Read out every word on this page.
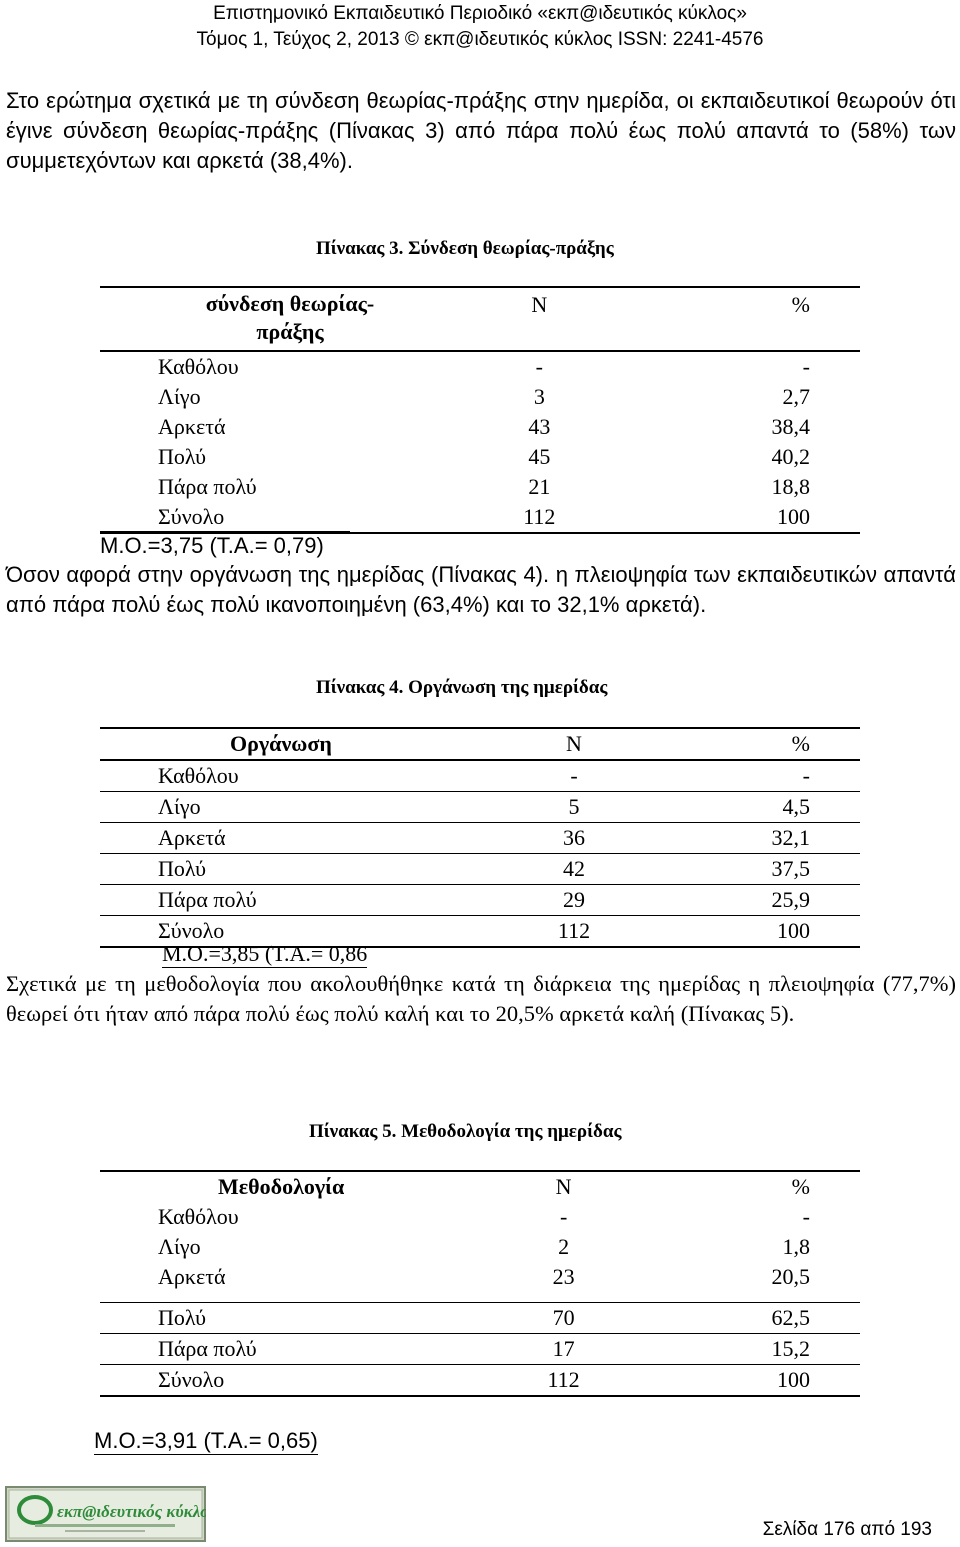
Επιστημονικό Εκπαιδευτικό Περιοδικό «εκπ@ιδευτικός κύκλος»
Τόμος 1, Τεύχος 2, 2013 © εκπ@ιδευτικός κύκλος ISSN: 2241-4576

Στο ερώτημα σχετικά με τη σύνδεση θεωρίας-πράξης στην ημερίδα, οι εκπαιδευτικοί θεωρούν ότι έγινε σύνδεση θεωρίας-πράξης (Πίνακας 3) από πάρα πολύ έως πολύ απαντά το (58%) των συμμετεχόντων και αρκετά (38,4%).

Πίνακας 3. Σύνδεση θεωρίας-πράξης
σύνδεση θεωρίας-πράξης	N	%
Καθόλου	-	-
Λίγο	3	2,7
Αρκετά	43	38,4
Πολύ	45	40,2
Πάρα πολύ	21	18,8
Σύνολο	112	100
Μ.Ο.=3,75 (Τ.Α.= 0,79)

Όσον αφορά στην οργάνωση της ημερίδας (Πίνακας 4). η πλειοψηφία των εκπαιδευτικών απαντά από πάρα πολύ έως πολύ ικανοποιημένη (63,4%) και το 32,1% αρκετά).

Πίνακας 4. Οργάνωση της ημερίδας
Οργάνωση	N	%
Καθόλου	-	-
Λίγο	5	4,5
Αρκετά	36	32,1
Πολύ	42	37,5
Πάρα πολύ	29	25,9
Σύνολο	112	100
Μ.Ο.=3,85 (Τ.Α.= 0,86

Σχετικά με τη μεθοδολογία που ακολουθήθηκε κατά τη διάρκεια της ημερίδας η πλειοψηφία (77,7%) θεωρεί ότι ήταν από πάρα πολύ έως πολύ καλή και το 20,5% αρκετά καλή (Πίνακας 5).

Πίνακας 5. Μεθοδολογία της ημερίδας
Μεθοδολογία	N	%
Καθόλου	-	-
Λίγο	2	1,8
Αρκετά	23	20,5
Πολύ	70	62,5
Πάρα πολύ	17	15,2
Σύνολο	112	100
Μ.Ο.=3,91 (Τ.Α.= 0,65)
εκπ@ιδευτικός κύκλος
Σελίδα 176 από 193
